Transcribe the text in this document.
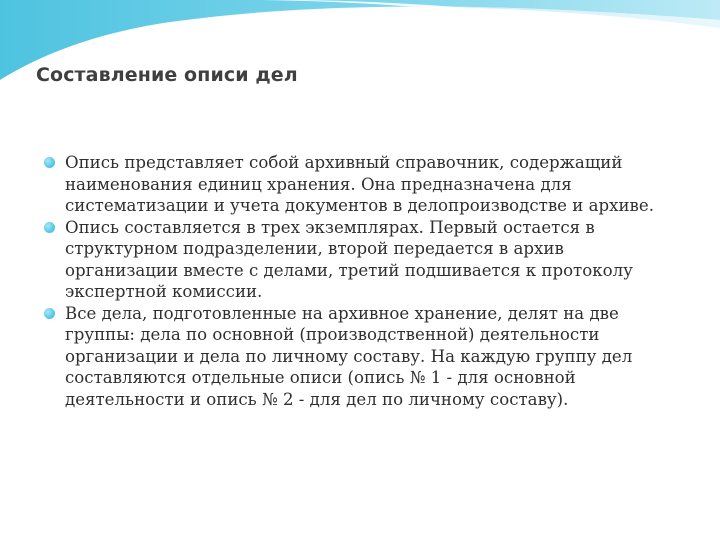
Составление описи дел
Опись представляет собой архивный справочник, содержащий наименования единиц хранения. Она предназначена для систематизации и учета документов в делопроизводстве и архиве.
Опись составляется в трех экземплярах. Первый остается в структурном подразделении, второй передается в архив организации вместе с делами, третий подшивается к протоколу экспертной комиссии.
Все дела, подготовленные на архивное хранение, делят на две группы: дела по основной (производственной) деятельности организации и дела по личному составу. На каждую группу дел составляются отдельные описи (опись № 1 - для основной деятельности и опись № 2 - для дел по личному составу).
